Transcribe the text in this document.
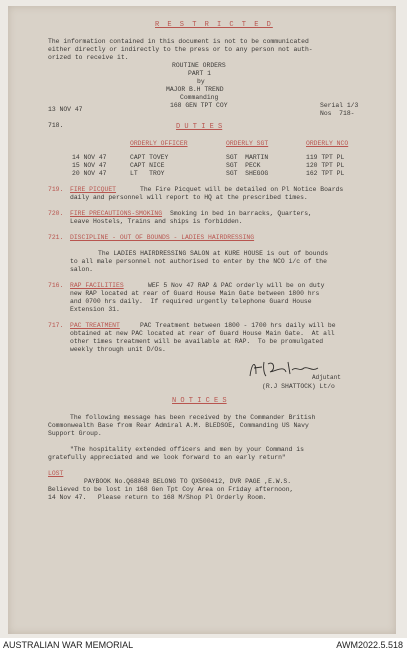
R E S T R I C T E D
The information contained in this document is not to be communicated
either directly or indirectly to the press or to any person not auth-
orized to receive it.
ROUTINE ORDERS
PART 1
by
MAJOR B.H TREND
Commanding
168 GEN TPT COY
13 NOV 47
Serial 1/3
Nos  718-
718.	D U T I E S
ORDERLY OFFICER	ORDERLY SGT	ORDERLY NCO
14 NOV 47	CAPT TOVEY	SGT  MARTIN	119 TPT PL
15 NOV 47	CAPT NICE	SGT  PECK	120 TPT PL
20 NOV 47	LT   TROY	SGT  SHEGOG	162 TPT PL
719. FIRE PICQUET	The Fire Picquet will be detailed on Pl Notice Boards
daily and personnel will report to HQ at the prescribed times.
720. FIRE PRECAUTIONS-SMOKING Smoking in bed in barracks, Quarters,
Leave Hostels, Trains and ships is forbidden.
721. DISCIPLINE - OUT OF BOUNDS - LADIES HAIRDRESSING
The LADIES HAIRDRESSING SALON at KURE HOUSE is out of bounds
to all male personnel not authorised to enter by the NCO i/c of the
salon.
716. RAP FACILITIES	WEF 5 Nov 47 RAP & PAC orderly will be on duty
new RAP located at rear of Guard House Main Gate between 1800 hrs
and 0700 hrs daily.  If required urgently telephone Guard House
Extension 31.
717. PAC TREATMENT	PAC Treatment between 1800 - 1700 hrs daily will be
obtained at new PAC located at rear of Guard House Main Gate.  At all
other times treatment will be available at RAP.  To be promulgated
weekly through unit D/Os.
Adjutant
(R.J SHATTOCK) Lt/o
N O T I C E S
The following message has been received by the Commander British
Commonwealth Base from Rear Admiral A.M. BLEDSOE, Commanding US Navy
Support Group.
"The hospitality extended officers and men by your Command is
gratefully appreciated and we look forward to an early return"
LOST
PAYBOOK No.Q68848 BELONG TO QX500412, DVR PAGE ,E.W.S.
Believed to be lost in 168 Gen Tpt Coy Area on Friday afternoon,
14 Nov 47.   Please return to 168 M/Shop Pl Orderly Room.
AUSTRALIAN WAR MEMORIAL	AWM2022.5.518
